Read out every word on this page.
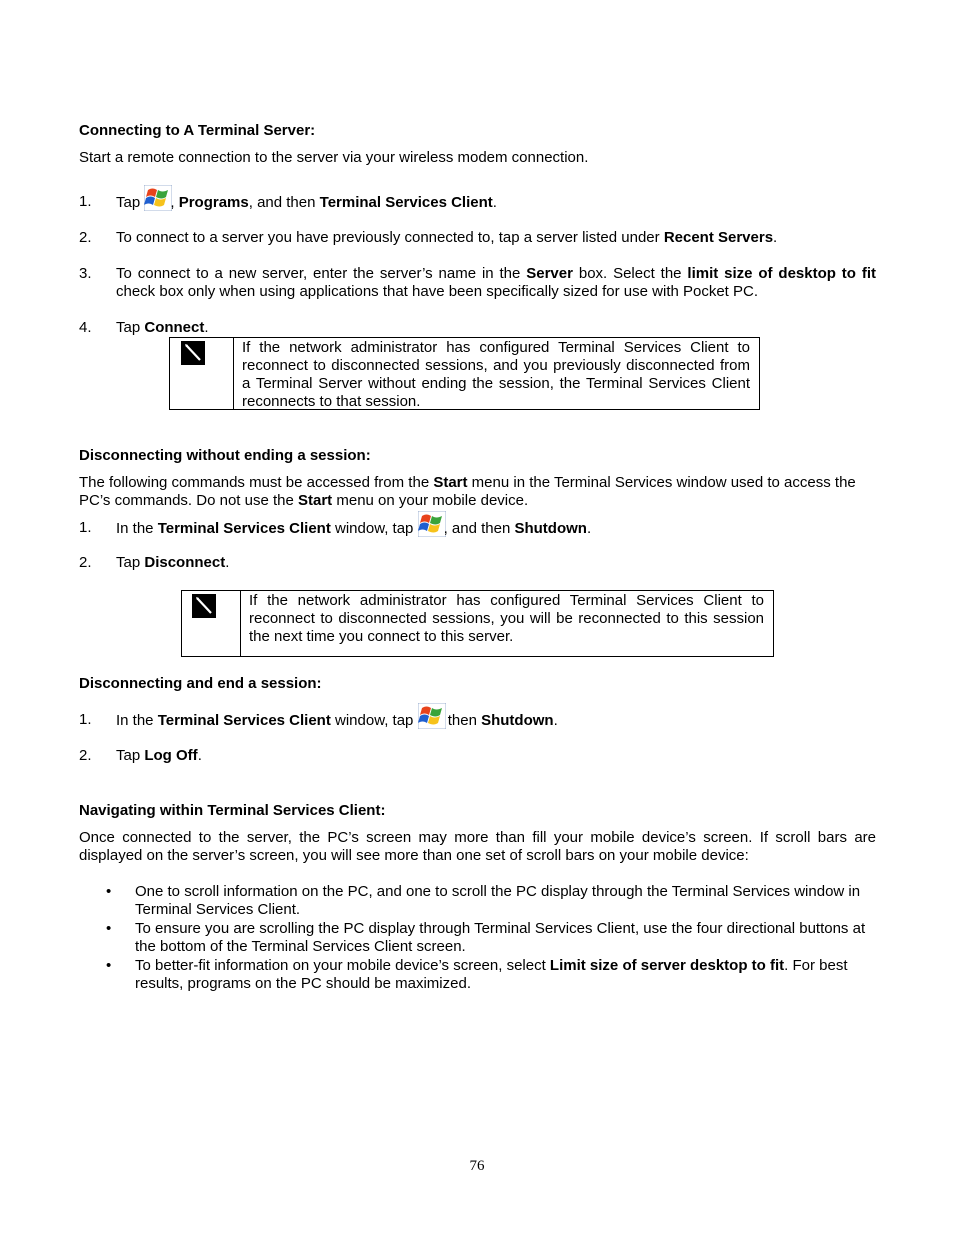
Connecting to A Terminal Server:
Start a remote connection to the server via your wireless modem connection.
1.	Tap , Programs, and then Terminal Services Client.
2.	To connect to a server you have previously connected to, tap a server listed under Recent Servers.
3.	To connect to a new server, enter the server’s name in the Server box. Select the limit size of desktop to fit check box only when using applications that have been specifically sized for use with Pocket PC.
4.	Tap Connect.
If the network administrator has configured Terminal Services Client to reconnect to disconnected sessions, and you previously disconnected from a Terminal Server without ending the session, the Terminal Services Client reconnects to that session.
Disconnecting without ending a session:
The following commands must be accessed from the Start menu in the Terminal Services window used to access the PC’s commands. Do not use the Start menu on your mobile device.
1.	In the Terminal Services Client window, tap , and then Shutdown.
2.	Tap Disconnect.
If the network administrator has configured Terminal Services Client to reconnect to disconnected sessions, you will be reconnected to this session the next time you connect to this server.
Disconnecting and end a session:
1.	In the Terminal Services Client window, tap  then Shutdown.
2.	Tap Log Off.
Navigating within Terminal Services Client:
Once connected to the server, the PC’s screen may more than fill your mobile device’s screen. If scroll bars are displayed on the server’s screen, you will see more than one set of scroll bars on your mobile device:
•	One to scroll information on the PC, and one to scroll the PC display through the Terminal Services window in Terminal Services Client.
•	To ensure you are scrolling the PC display through Terminal Services Client, use the four directional buttons at the bottom of the Terminal Services Client screen.
•	To better-fit information on your mobile device’s screen, select Limit size of server desktop to fit. For best results, programs on the PC should be maximized.
76
